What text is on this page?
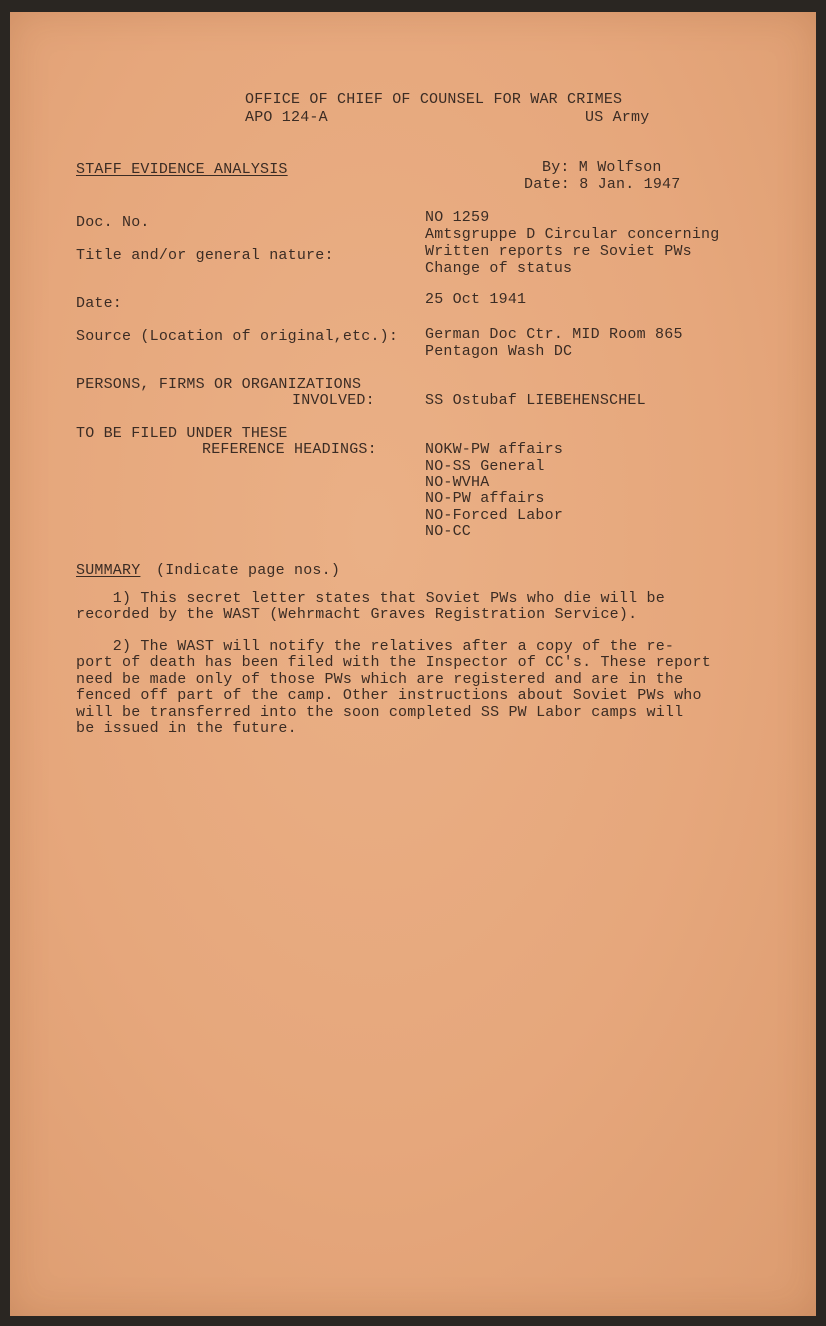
OFFICE OF CHIEF OF COUNSEL FOR WAR CRIMES
APO 124-A	US Army
STAFF EVIDENCE ANALYSIS	By: M Wolfson
Date: 8 Jan. 1947
Doc. No.	NO 1259
Title and/or general nature:
Amtsgruppe D Circular concerning
Written reports re Soviet PWs
Change of status
Date:	25 Oct 1941
Source (Location of original,etc.): German Doc Ctr. MID Room 865
Pentagon Wash DC
PERSONS, FIRMS OR ORGANIZATIONS
INVOLVED:	SS Ostubaf LIEBEHENSCHEL
TO BE FILED UNDER THESE
REFERENCE HEADINGS:	NOKW-PW affairs
NO-SS General
NO-WVHA
NO-PW affairs
NO-Forced Labor
NO-CC
SUMMARY (Indicate page nos.)
1) This secret letter states that Soviet PWs who die will be
recorded by the WAST (Wehrmacht Graves Registration Service).
2) The WAST will notify the relatives after a copy of the re-
port of death has been filed with the Inspector of CC's. These report
need be made only of those PWs which are registered and are in the
fenced off part of the camp. Other instructions about Soviet PWs who
will be transferred into the soon completed SS PW Labor camps will
be issued in the future.
